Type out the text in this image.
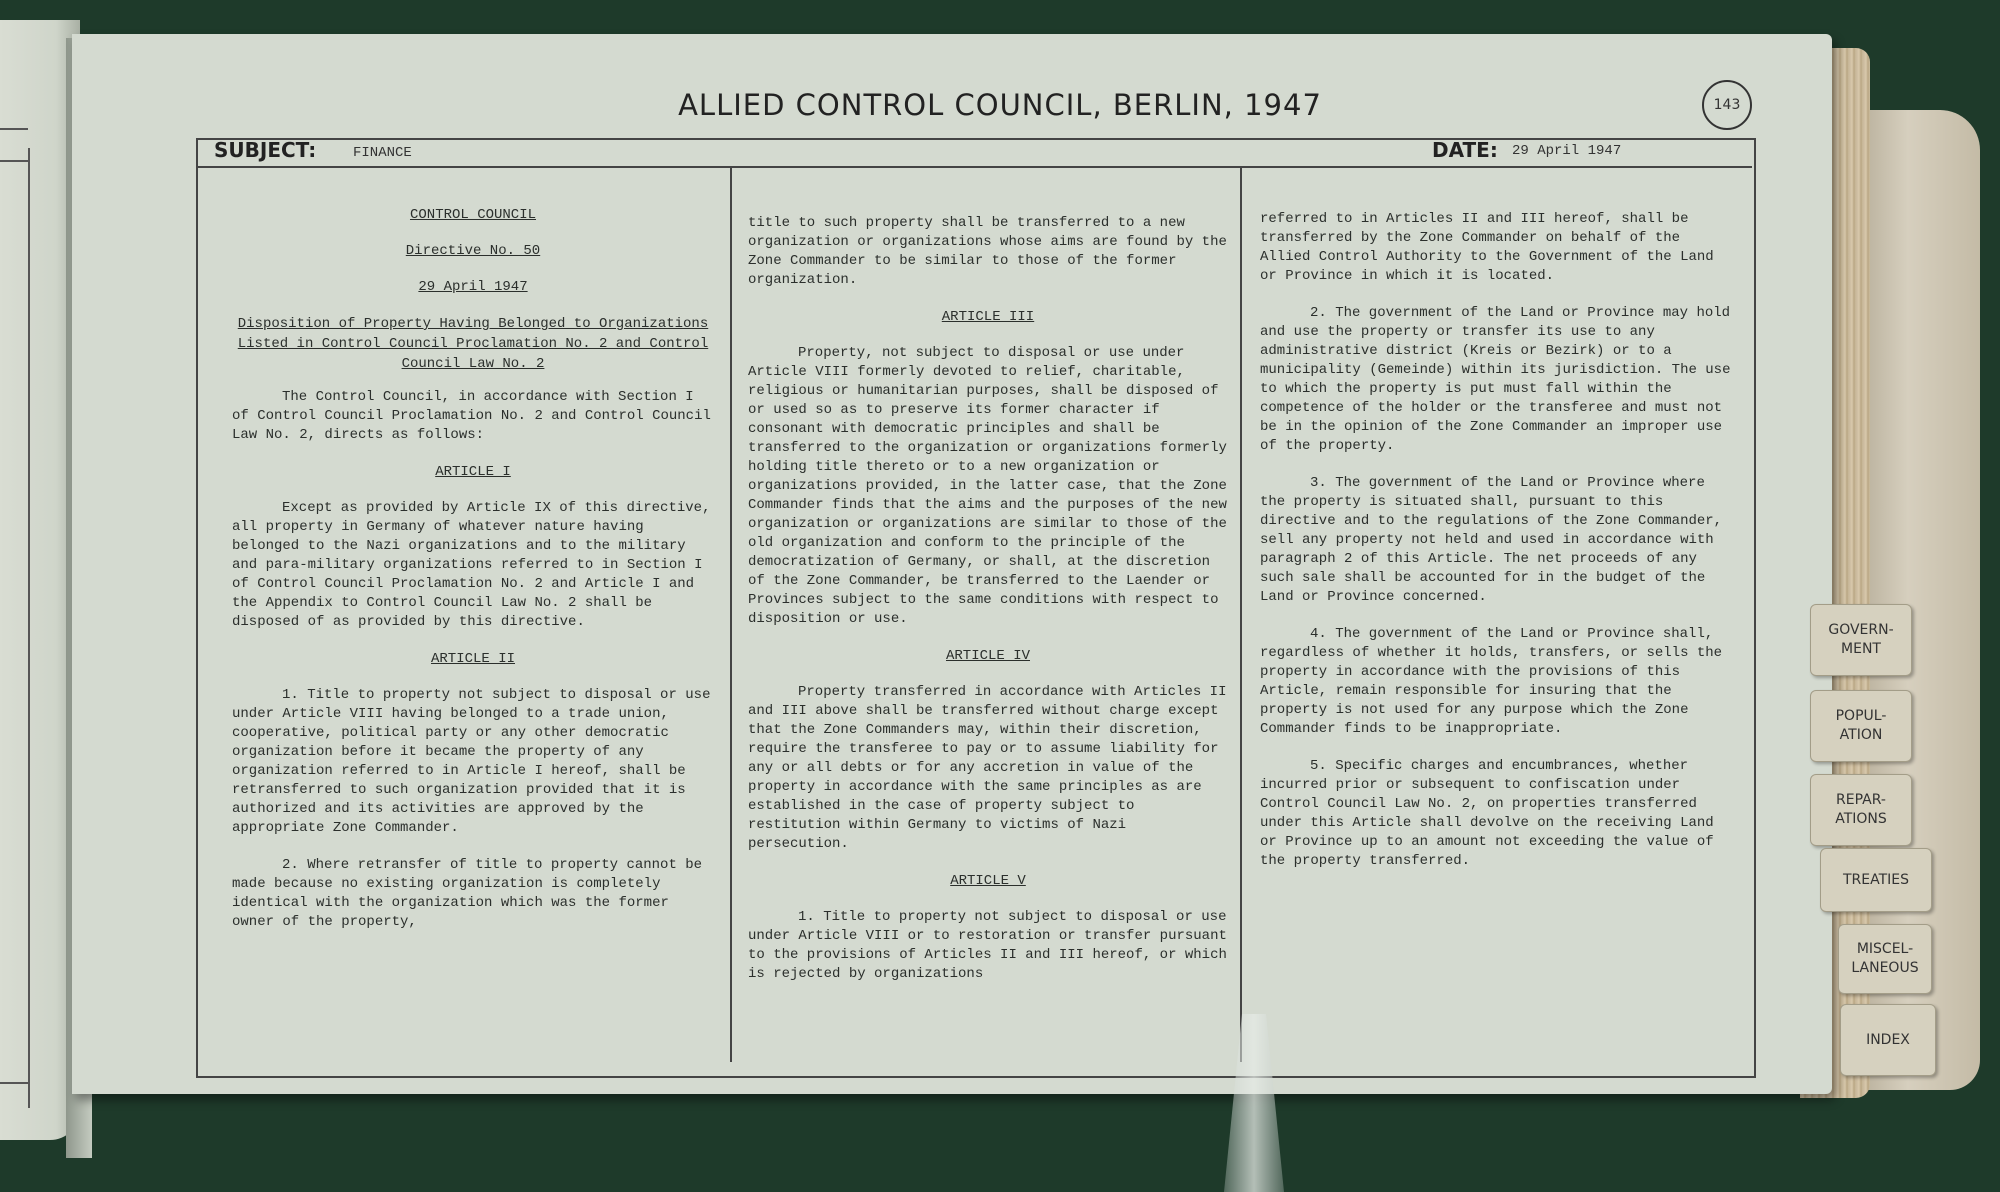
ALLIED CONTROL COUNCIL, BERLIN, 1947	143
SUBJECT:	FINANCE	DATE: 29 April 1947

CONTROL COUNCIL

Directive No. 50

29 April 1947

Disposition of Property Having Belonged to Organizations Listed in Control Council Proclamation No. 2 and Control Council Law No. 2

The Control Council, in accordance with Section I of Control Council Proclamation No. 2 and Control Council Law No. 2, directs as follows:

ARTICLE I

Except as provided by Article IX of this directive, all property in Germany of whatever nature having belonged to the Nazi organizations and to the military and para-military organizations referred to in Section I of Control Council Proclamation No. 2 and Article I and the Appendix to Control Council Law No. 2 shall be disposed of as provided by this directive.

ARTICLE II

1. Title to property not subject to disposal or use under Article VIII having belonged to a trade union, cooperative, political party or any other democratic organization before it became the property of any organization referred to in Article I hereof, shall be retransferred to such organization provided that it is authorized and its activities are approved by the appropriate Zone Commander.

2. Where retransfer of title to property cannot be made because no existing organization is completely identical with the organization which was the former owner of the property,

title to such property shall be transferred to a new organization or organizations whose aims are found by the Zone Commander to be similar to those of the former organization.

ARTICLE III

Property, not subject to disposal or use under Article VIII formerly devoted to relief, charitable, religious or humanitarian purposes, shall be disposed of or used so as to preserve its former character if consonant with democratic principles and shall be transferred to the organization or organizations formerly holding title thereto or to a new organization or organizations provided, in the latter case, that the Zone Commander finds that the aims and the purposes of the new organization or organizations are similar to those of the old organization and conform to the principle of the democratization of Germany, or shall, at the discretion of the Zone Commander, be transferred to the Laender or Provinces subject to the same conditions with respect to disposition or use.

ARTICLE IV

Property transferred in accordance with Articles II and III above shall be transferred without charge except that the Zone Commanders may, within their discretion, require the transferee to pay or to assume liability for any or all debts or for any accretion in value of the property in accordance with the same principles as are established in the case of property subject to restitution within Germany to victims of Nazi persecution.

ARTICLE V

1. Title to property not subject to disposal or use under Article VIII or to restoration or transfer pursuant to the provisions of Articles II and III hereof, or which is rejected by organizations

referred to in Articles II and III hereof, shall be transferred by the Zone Commander on behalf of the Allied Control Authority to the Government of the Land or Province in which it is located.

2. The government of the Land or Province may hold and use the property or transfer its use to any administrative district (Kreis or Bezirk) or to a municipality (Gemeinde) within its jurisdiction. The use to which the property is put must fall within the competence of the holder or the transferee and must not be in the opinion of the Zone Commander an improper use of the property.

3. The government of the Land or Province where the property is situated shall, pursuant to this directive and to the regulations of the Zone Commander, sell any property not held and used in accordance with paragraph 2 of this Article. The net proceeds of any such sale shall be accounted for in the budget of the Land or Province concerned.

4. The government of the Land or Province shall, regardless of whether it holds, transfers, or sells the property in accordance with the provisions of this Article, remain responsible for insuring that the property is not used for any purpose which the Zone Commander finds to be inappropriate.

5. Specific charges and encumbrances, whether incurred prior or subsequent to confiscation under Control Council Law No. 2, on properties transferred under this Article shall devolve on the receiving Land or Province up to an amount not exceeding the value of the property transferred.

GOVERN-
MENT
POPUL-
ATION
REPAR-
ATIONS
TREATIES
MISCEL-
LANEOUS
INDEX
